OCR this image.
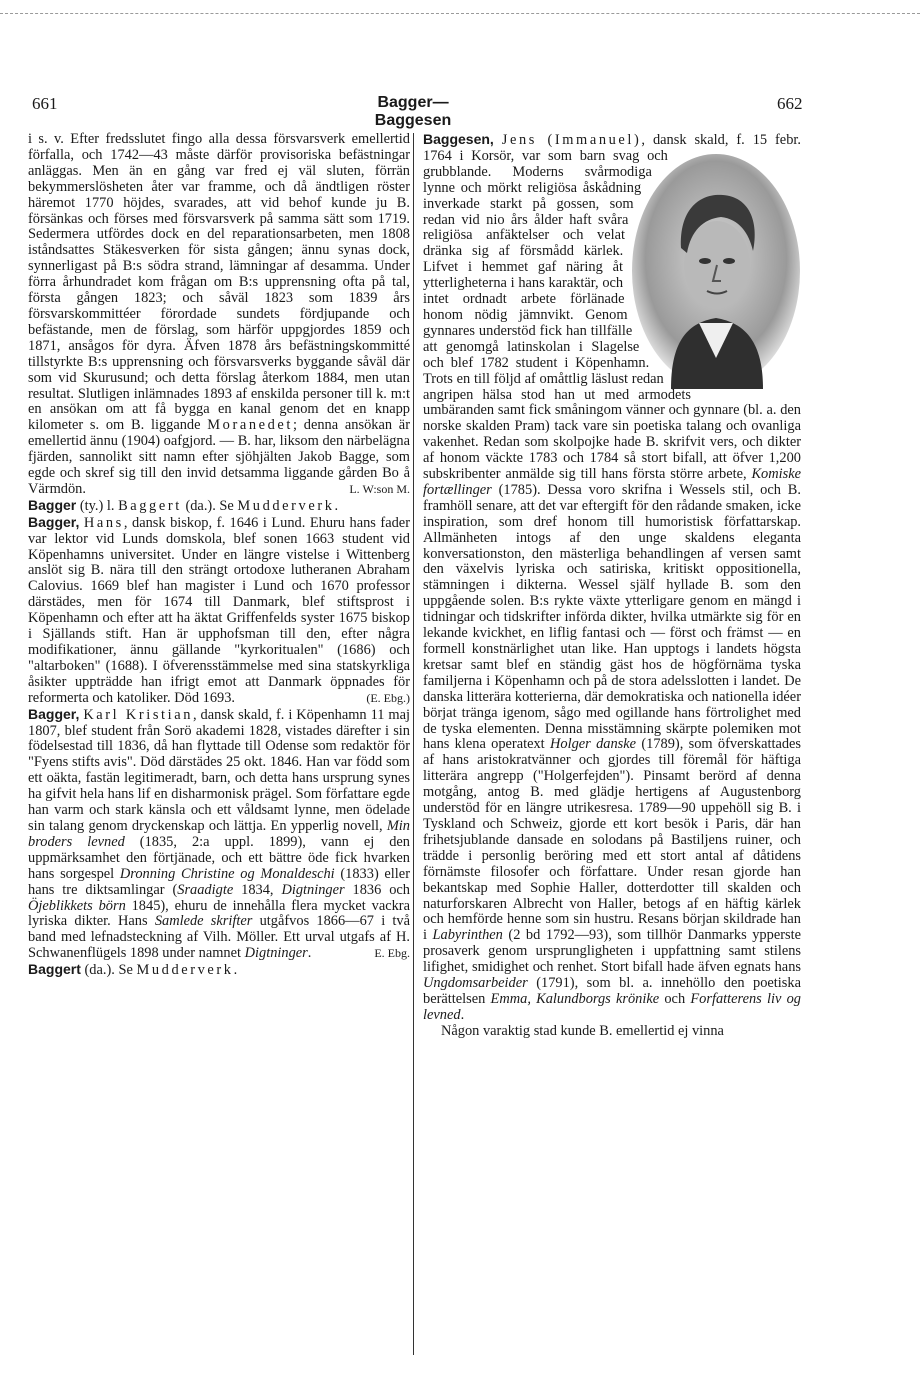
661	Bagger—Baggesen
662

i s. v. Efter fredsslutet fingo alla dessa försvarsverk emellertid förfalla, och 1742—43 måste därför provisoriska befästningar anläggas. Men än en gång var fred ej väl sluten, förrän bekymmerslösheten åter var framme, och då ändtligen röster häremot 1770 höjdes, svarades, att vid behof kunde ju B. försänkas och förses med försvarsverk på samma sätt som 1719. Sedermera utfördes dock en del reparationsarbeten, men 1808 iståndsattes Stäkesverken för sista gången; ännu synas dock, synnerligast på B:s södra strand, lämningar af desamma. Under förra århundradet kom frågan om B:s upprensning ofta på tal, första gången 1823; och såväl 1823 som 1839 års försvarskommittéer förordade sundets fördjupande och befästande, men de förslag, som härför uppgjordes 1859 och 1871, ansågos för dyra. Äfven 1878 års befästningskommitté tillstyrkte B:s upprensning och försvarsverks byggande såväl där som vid Skurusund; och detta förslag återkom 1884, men utan resultat. Slutligen inlämnades 1893 af enskilda personer till k. m:t en ansökan om att få bygga en kanal genom det en knapp kilometer s. om B. liggande Moranedet; denna ansökan är emellertid ännu (1904) oafgjord. — B. har, liksom den närbelägna fjärden, sannolikt sitt namn efter sjöhjälten Jakob Bagge, som egde och skref sig till den invid detsamma liggande gården Bo å Värmdön.	L. W:son M.

Bagger (ty.) l. Baggert (da.). Se Mudderverk.

Bagger, Hans, dansk biskop, f. 1646 i Lund. Ehuru hans fader var lektor vid Lunds domskola, blef sonen 1663 student vid Köpenhamns universitet. Under en längre vistelse i Wittenberg anslöt sig B. nära till den strängt ortodoxe lutheranen Abraham Calovius. 1669 blef han magister i Lund och 1670 professor därstädes, men för 1674 till Danmark, blef stiftsprost i Köpenhamn och efter att ha äktat Griffenfelds syster 1675 biskop i Själlands stift. Han är upphofsman till den, efter några modifikationer, ännu gällande "kyrkoritualen" (1686) och "altarboken" (1688). I öfverensstämmelse med sina statskyrkliga åsikter uppträdde han ifrigt emot att Danmark öppnades för reformerta och katoliker. Död 1693.	(E. Ebg.)

Bagger, Karl Kristian, dansk skald, f. i Köpenhamn 11 maj 1807, blef student från Sorö akademi 1828, vistades därefter i sin födelsestad till 1836, då han flyttade till Odense som redaktör för "Fyens stifts avis". Död därstädes 25 okt. 1846. Han var född som ett oäkta, fastän legitimeradt, barn, och detta hans ursprung synes ha gifvit hela hans lif en disharmonisk prägel. Som författare egde han varm och stark känsla och ett våldsamt lynne, men ödelade sin talang genom dryckenskap och lättja. En ypperlig novell, Min broders levned (1835, 2:a uppl. 1899), vann ej den uppmärksamhet den förtjänade, och ett bättre öde fick hvarken hans sorgespel Dronning Christine og Monaldeschi (1833) eller hans tre diktsamlingar (Sraadigte 1834, Digtninger 1836 och Öjeblikkets börn 1845), ehuru de innehålla flera mycket vackra lyriska dikter. Hans Samlede skrifter utgåfvos 1866—67 i två band med lefnadsteckning af Vilh. Möller. Ett urval utgafs af H. Schwanenflügels 1898 under namnet Digtninger.	E. Ebg.

Baggert (da.). Se Mudderverk.

Baggesen, Jens (Immanuel)
, dansk skald, f. 15 febr. 1764 i Korsör, var som barn svag och grubblande. Moderns svårmodiga lynne och mörkt religiösa åskådning inverkade starkt på gossen, som redan vid nio års ålder haft svåra religiösa anfäktelser och velat dränka sig af försmådd kärlek. Lifvet i hemmet gaf näring åt ytterligheterna i hans karaktär, och intet ordnadt arbete förlänade honom nödig jämnvikt. Genom gynnares understöd fick han tillfälle att genomgå latinskolan i Slagelse och blef 1782 student i Köpenhamn. Trots en till följd af omåttlig läslust redan angripen hälsa stod han ut med armodets umbäranden samt fick småningom vänner och gynnare (bl. a. den norske skalden Pram) tack vare sin poetiska talang och ovanliga vakenhet. Redan som skolpojke hade B. skrifvit vers, och dikter af honom väckte 1783 och 1784 så stort bifall, att öfver 1,200 subskribenter anmälde sig till hans första större arbete, Komiske fortællinger (1785). Dessa voro skrifna i Wessels stil, och B. framhöll senare, att det var eftergift för den rådande smaken, icke inspiration, som dref honom till humoristisk författarskap. Allmänheten intogs af den unge skaldens eleganta konversationston, den mästerliga behandlingen af versen samt den växelvis lyriska och satiriska, kritiskt oppositionella, stämningen i dikterna. Wessel själf hyllade B. som den uppgående solen. B:s rykte växte ytterligare genom en mängd i tidningar och tidskrifter införda dikter, hvilka utmärkte sig för en lekande kvickhet, en liflig fantasi och — först och främst — en formell konstnärlighet utan like. Han upptogs i landets högsta kretsar samt blef en ständig gäst hos de högförnäma tyska familjerna i Köpenhamn och på de stora adelsslotten i landet. De danska litterära kotterierna, där demokratiska och nationella idéer börjat tränga igenom, sågo med ogillande hans förtrolighet med de tyska elementen. Denna misstämning skärpte polemiken mot hans klena operatext Holger danske (1789), som öfverskattades af hans aristokratvänner och gjordes till föremål för häftiga litterära angrepp ("Holgerfejden"). Pinsamt berörd af denna motgång, antog B. med glädje hertigens af Augustenborg understöd för en längre utrikesresa. 1789—90 uppehöll sig B. i Tyskland och Schweiz, gjorde ett kort besök i Paris, där han frihetsjublande dansade en solodans på Bastiljens ruiner, och trädde i personlig beröring med ett stort antal af dåtidens förnämste filosofer och författare. Under resan gjorde han bekantskap med Sophie Haller, dotterdotter till skalden och naturforskaren Albrecht von Haller, betogs af en häftig kärlek och hemförde henne som sin hustru. Resans början skildrade han i Labyrinthen (2 bd 1792—93), som tillhör Danmarks ypperste prosaverk genom ursprungligheten i uppfattning samt stilens lifighet, smidighet och renhet. Stort bifall hade äfven egnats hans Ungdomsarbeider (1791), som bl. a. innehöllo den poetiska berättelsen Emma, Kalundborgs krönike och Forfatterens liv og levned.

Någon varaktig stad kunde B. emellertid ej vinna
